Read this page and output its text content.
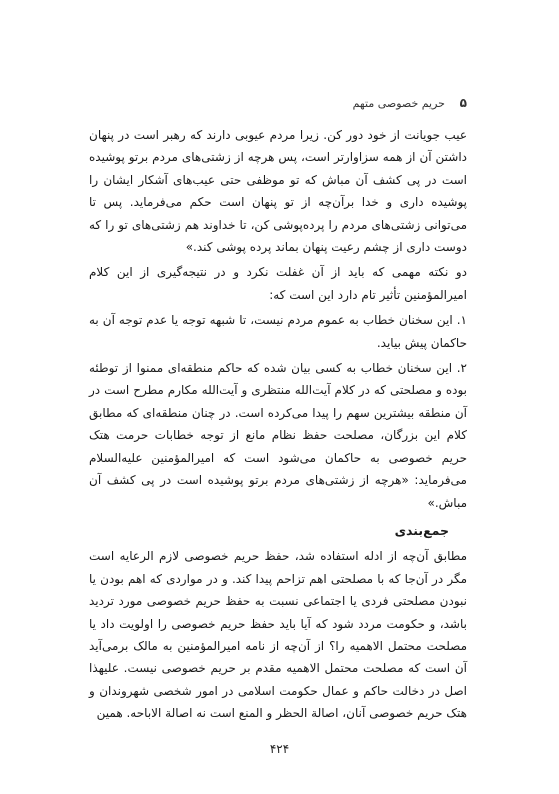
۵
حریم خصوصی متهم

عیب جویانت از خود دور کن. زیرا مردم عیوبی دارند که رهبر است در پنهان داشتن آن از همه سزاوارتر است، پس هرچه از زشتی‌های مردم برتو پوشیده است در پی کشف آن مباش که تو موظفی حتی عیب‌های آشکار ایشان را پوشیده داری و خدا برآن‌چه از تو پنهان است حکم می‌فرماید. پس تا می‌توانی زشتی‌های مردم را پرده‌پوشی کن، تا خداوند هم زشتی‌های تو را که دوست داری از چشم رعیت پنهان بماند پرده پوشی کند.»

دو نکته مهمی که باید از آن غفلت نکرد و در نتیجه‌گیری از این کلام امیرالمؤمنین تأثیر تام دارد این است که:

۱. این سخنان خطاب به عموم مردم نیست، تا شبهه توجه یا عدم توجه آن به حاکمان پیش بیاید.

۲. این سخنان خطاب به کسی بیان شده که حاکم منطقه‌ای ممنوا از توطئه بوده و مصلحتی که در کلام آیت‌الله منتظری و آیت‌الله مکارم مطرح است در آن منطقه بیشترین سهم را پیدا می‌کرده است. در چنان منطقه‌ای که مطابق کلام این بزرگان، مصلحت حفظ نظام مانع از توجه خطابات حرمت هتک حریم خصوصی به حاکمان می‌شود است که امیرالمؤمنین علیه‌السلام می‌فرماید: «هرچه از زشتی‌های مردم برتو پوشیده است در پی کشف آن مباش.»

جمع‌بندی

مطابق آن‌چه از ادله استفاده شد، حفظ حریم خصوصی لازم الرعایه است مگر در آن‌جا که با مصلحتی اهم تزاحم پیدا کند. و در مواردی که اهم بودن یا نبودن مصلحتی فردی یا اجتماعی نسبت به حفظ حریم خصوصی مورد تردید باشد، و حکومت مردد شود که آیا باید حفظ حریم خصوصی را اولویت داد یا مصلحت محتمل الاهمیه را؟ از آن‌چه از نامه امیرالمؤمنین به مالک برمی‌آید آن است که مصلحت محتمل الاهمیه مقدم بر حریم خصوصی نیست. علیهذا اصل در دخالت حاکم و عمال حکومت اسلامی در امور شخصی شهروندان و هتک حریم خصوصی آنان، اصالة الحظر و المنع است نه اصالة الاباحه. همین

۴۲۴
